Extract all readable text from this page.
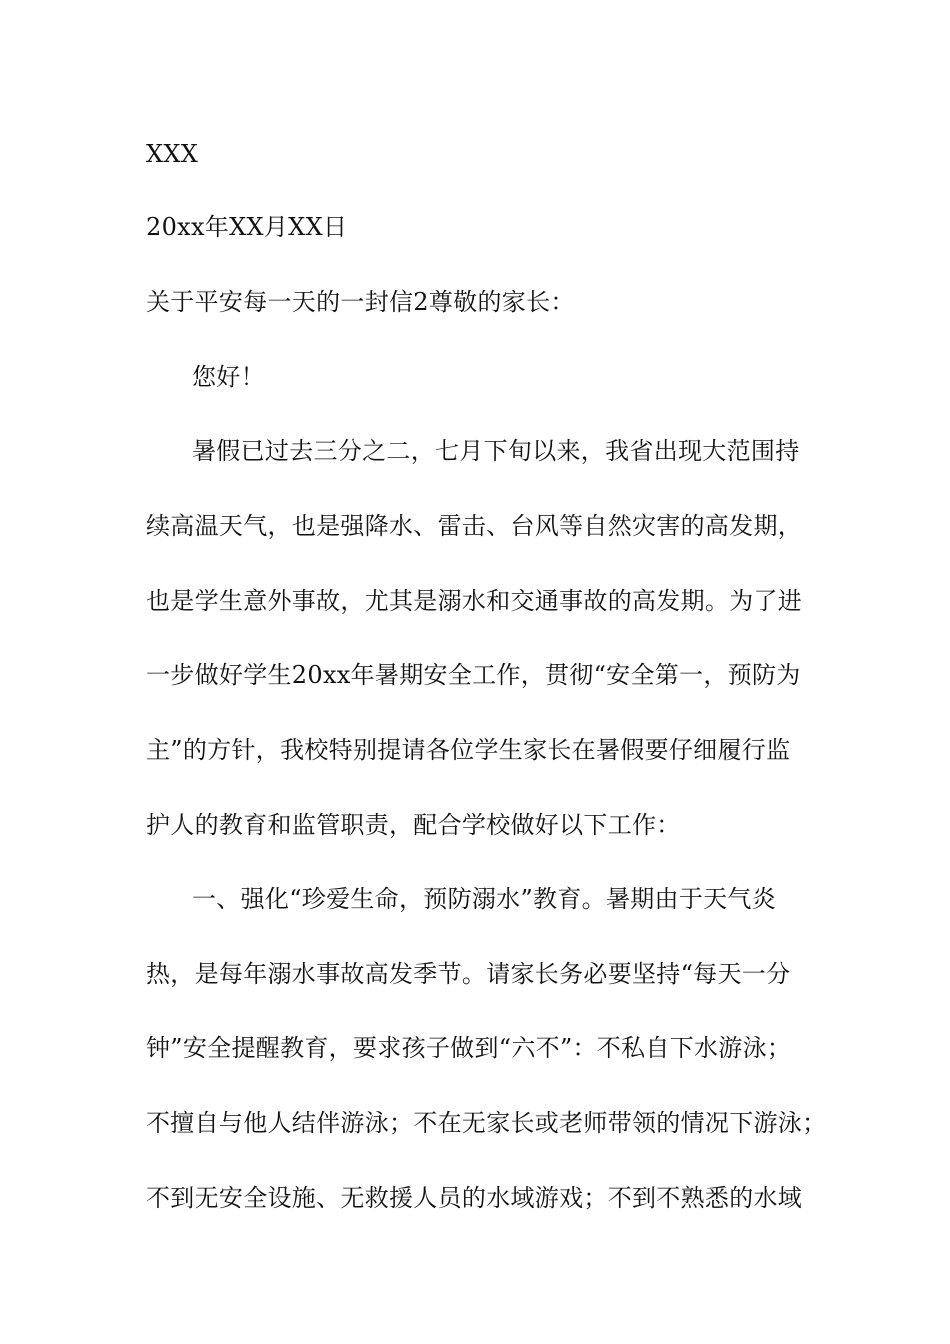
XXX
20xx年XX月XX日
关于平安每一天的一封信2尊敬的家长：
您好！
暑假已过去三分之二，七月下旬以来，我省出现大范围持
续高温天气，也是强降水、雷击、台风等自然灾害的高发期，
也是学生意外事故，尤其是溺水和交通事故的高发期。为了进
一步做好学生20xx年暑期安全工作，贯彻“安全第一，预防为
主”的方针，我校特别提请各位学生家长在暑假要仔细履行监
护人的教育和监管职责，配合学校做好以下工作：
一、强化“珍爱生命，预防溺水”教育。暑期由于天气炎
热，是每年溺水事故高发季节。请家长务必要坚持“每天一分
钟”安全提醒教育，要求孩子做到“六不”：不私自下水游泳；
不擅自与他人结伴游泳；不在无家长或老师带领的情况下游泳；
不到无安全设施、无救援人员的水域游戏；不到不熟悉的水域
